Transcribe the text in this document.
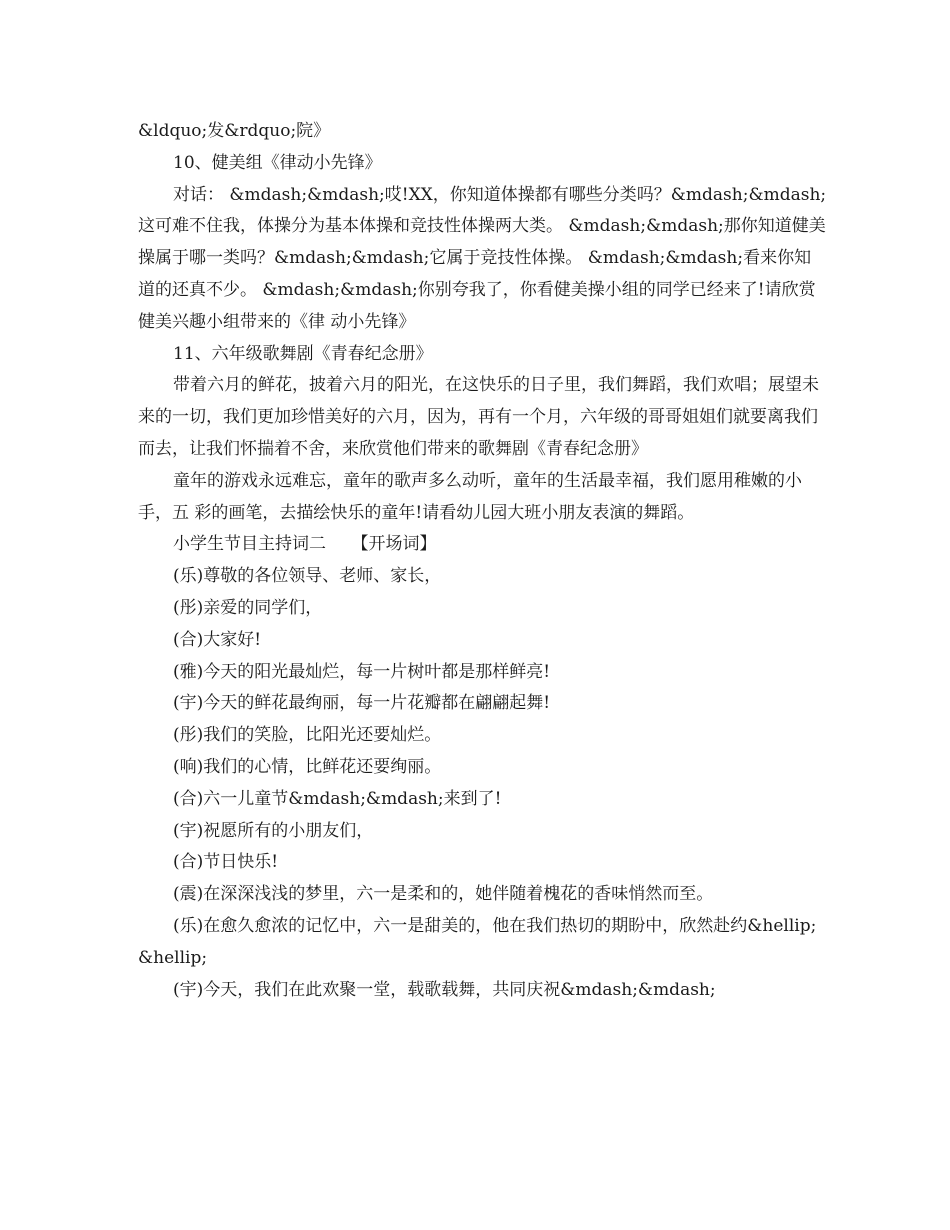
&ldquo;发&rdquo;院》

10、健美组《律动小先锋》

对话： &mdash;&mdash;哎!XX，你知道体操都有哪些分类吗？&mdash;&mdash;这可难不住我，体操分为基本体操和竞技性体操两大类。 &mdash;&mdash;那你知道健美操属于哪一类吗？&mdash;&mdash;它属于竞技性体操。 &mdash;&mdash;看来你知道的还真不少。 &mdash;&mdash;你别夸我了，你看健美操小组的同学已经来了!请欣赏健美兴趣小组带来的《律 动小先锋》

11、六年级歌舞剧《青春纪念册》

带着六月的鲜花，披着六月的阳光，在这快乐的日子里，我们舞蹈，我们欢唱；展望未 来的一切，我们更加珍惜美好的六月，因为，再有一个月，六年级的哥哥姐姐们就要离我们 而去，让我们怀揣着不舍，来欣赏他们带来的歌舞剧《青春纪念册》

童年的游戏永远难忘，童年的歌声多么动听，童年的生活最幸福，我们愿用稚嫩的小手，五 彩的画笔，去描绘快乐的童年!请看幼儿园大班小朋友表演的舞蹈。

小学生节目主持词二　　【开场词】

(乐)尊敬的各位领导、老师、家长，

(彤)亲爱的同学们，

(合)大家好!

(雅)今天的阳光最灿烂，每一片树叶都是那样鲜亮!

(宇)今天的鲜花最绚丽，每一片花瓣都在翩翩起舞!

(彤)我们的笑脸，比阳光还要灿烂。

(响)我们的心情，比鲜花还要绚丽。

(合)六一儿童节&mdash;&mdash;来到了!

(宇)祝愿所有的小朋友们，

(合)节日快乐!

(震)在深深浅浅的梦里，六一是柔和的，她伴随着槐花的香味悄然而至。

(乐)在愈久愈浓的记忆中，六一是甜美的，他在我们热切的期盼中，欣然赴约&hellip;&hellip;

(宇)今天，我们在此欢聚一堂，载歌载舞，共同庆祝&mdash;&mdash;
